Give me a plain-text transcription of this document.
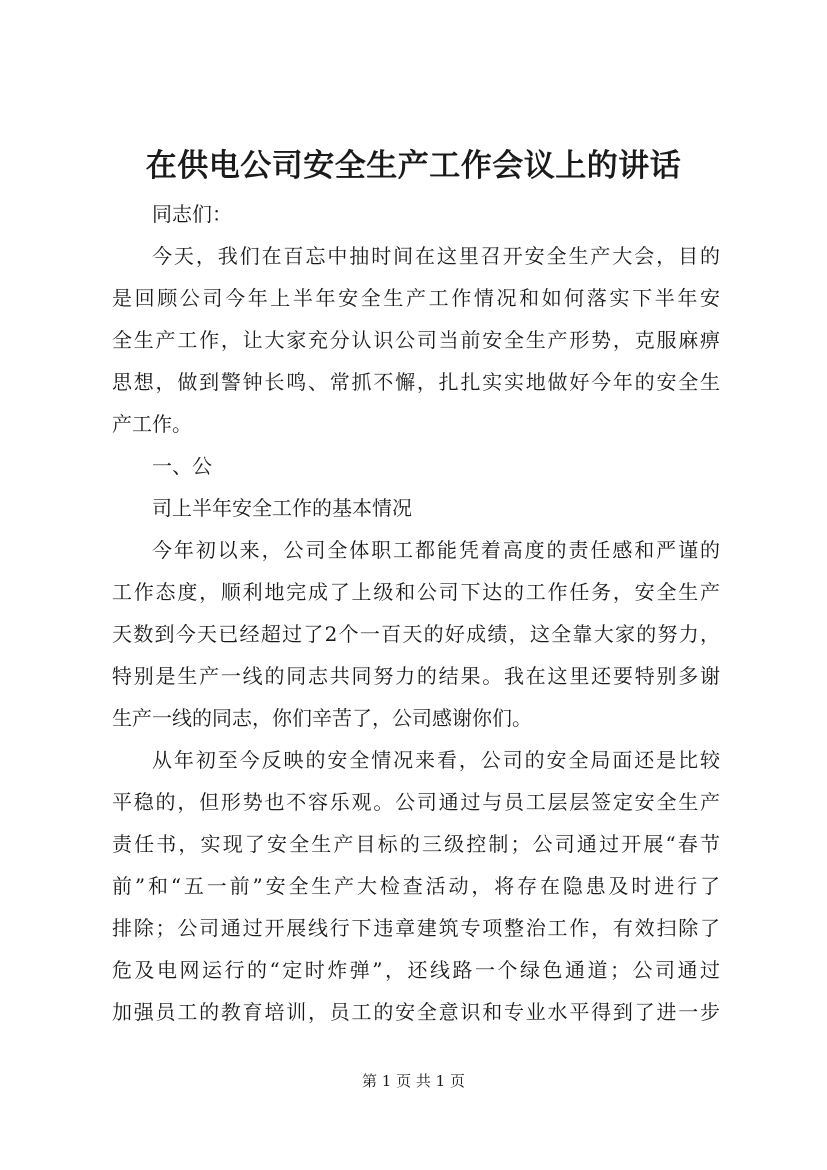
在供电公司安全生产工作会议上的讲话
同志们：
今天，我们在百忘中抽时间在这里召开安全生产大会，目的
是回顾公司今年上半年安全生产工作情况和如何落实下半年安
全生产工作，让大家充分认识公司当前安全生产形势，克服麻痹
思想，做到警钟长鸣、常抓不懈，扎扎实实地做好今年的安全生
产工作。
一、公
司上半年安全工作的基本情况
今年初以来，公司全体职工都能凭着高度的责任感和严谨的
工作态度，顺利地完成了上级和公司下达的工作任务，安全生产
天数到今天已经超过了2个一百天的好成绩，这全靠大家的努力，
特别是生产一线的同志共同努力的结果。我在这里还要特别多谢
生产一线的同志，你们辛苦了，公司感谢你们。
从年初至今反映的安全情况来看，公司的安全局面还是比较
平稳的，但形势也不容乐观。公司通过与员工层层签定安全生产
责任书，实现了安全生产目标的三级控制；公司通过开展“春节
前”和“五一前”安全生产大检查活动，将存在隐患及时进行了
排除；公司通过开展线行下违章建筑专项整治工作，有效扫除了
危及电网运行的“定时炸弹”，还线路一个绿色通道；公司通过
加强员工的教育培训，员工的安全意识和专业水平得到了进一步
第 1 页 共 1 页
